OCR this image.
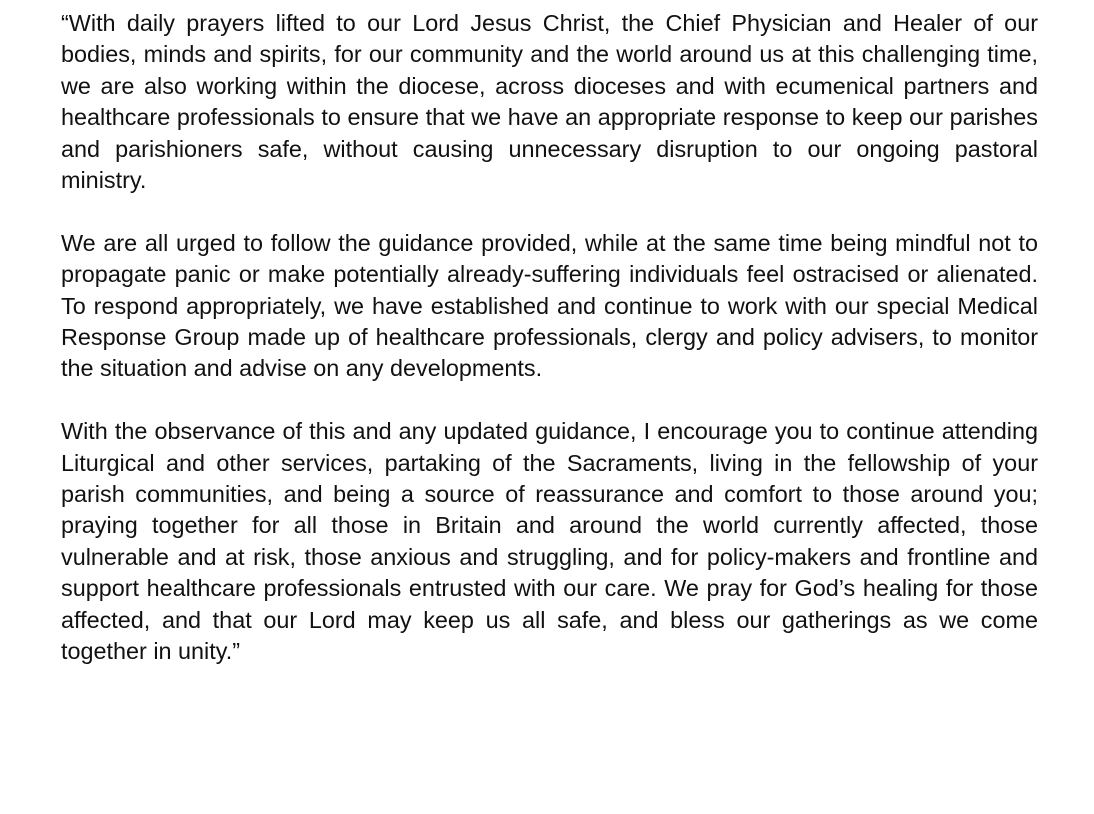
“With daily prayers lifted to our Lord Jesus Christ, the Chief Physician and Healer of our bodies, minds and spirits, for our community and the world around us at this challenging time, we are also working within the diocese, across dioceses and with ecumenical partners and healthcare professionals to ensure that we have an appropriate response to keep our parishes and parishioners safe, without causing unnecessary disruption to our ongoing pastoral ministry.

We are all urged to follow the guidance provided, while at the same time being mindful not to propagate panic or make potentially already-suffering individuals feel ostracised or alienated. To respond appropriately, we have established and continue to work with our special Medical Response Group made up of healthcare professionals, clergy and policy advisers, to monitor the situation and advise on any developments.

With the observance of this and any updated guidance, I encourage you to continue attending Liturgical and other services, partaking of the Sacraments, living in the fellowship of your parish communities, and being a source of reassurance and comfort to those around you; praying together for all those in Britain and around the world currently affected, those vulnerable and at risk, those anxious and struggling, and for policy-makers and frontline and support healthcare professionals entrusted with our care. We pray for God’s healing for those affected, and that our Lord may keep us all safe, and bless our gatherings as we come together in unity.”
